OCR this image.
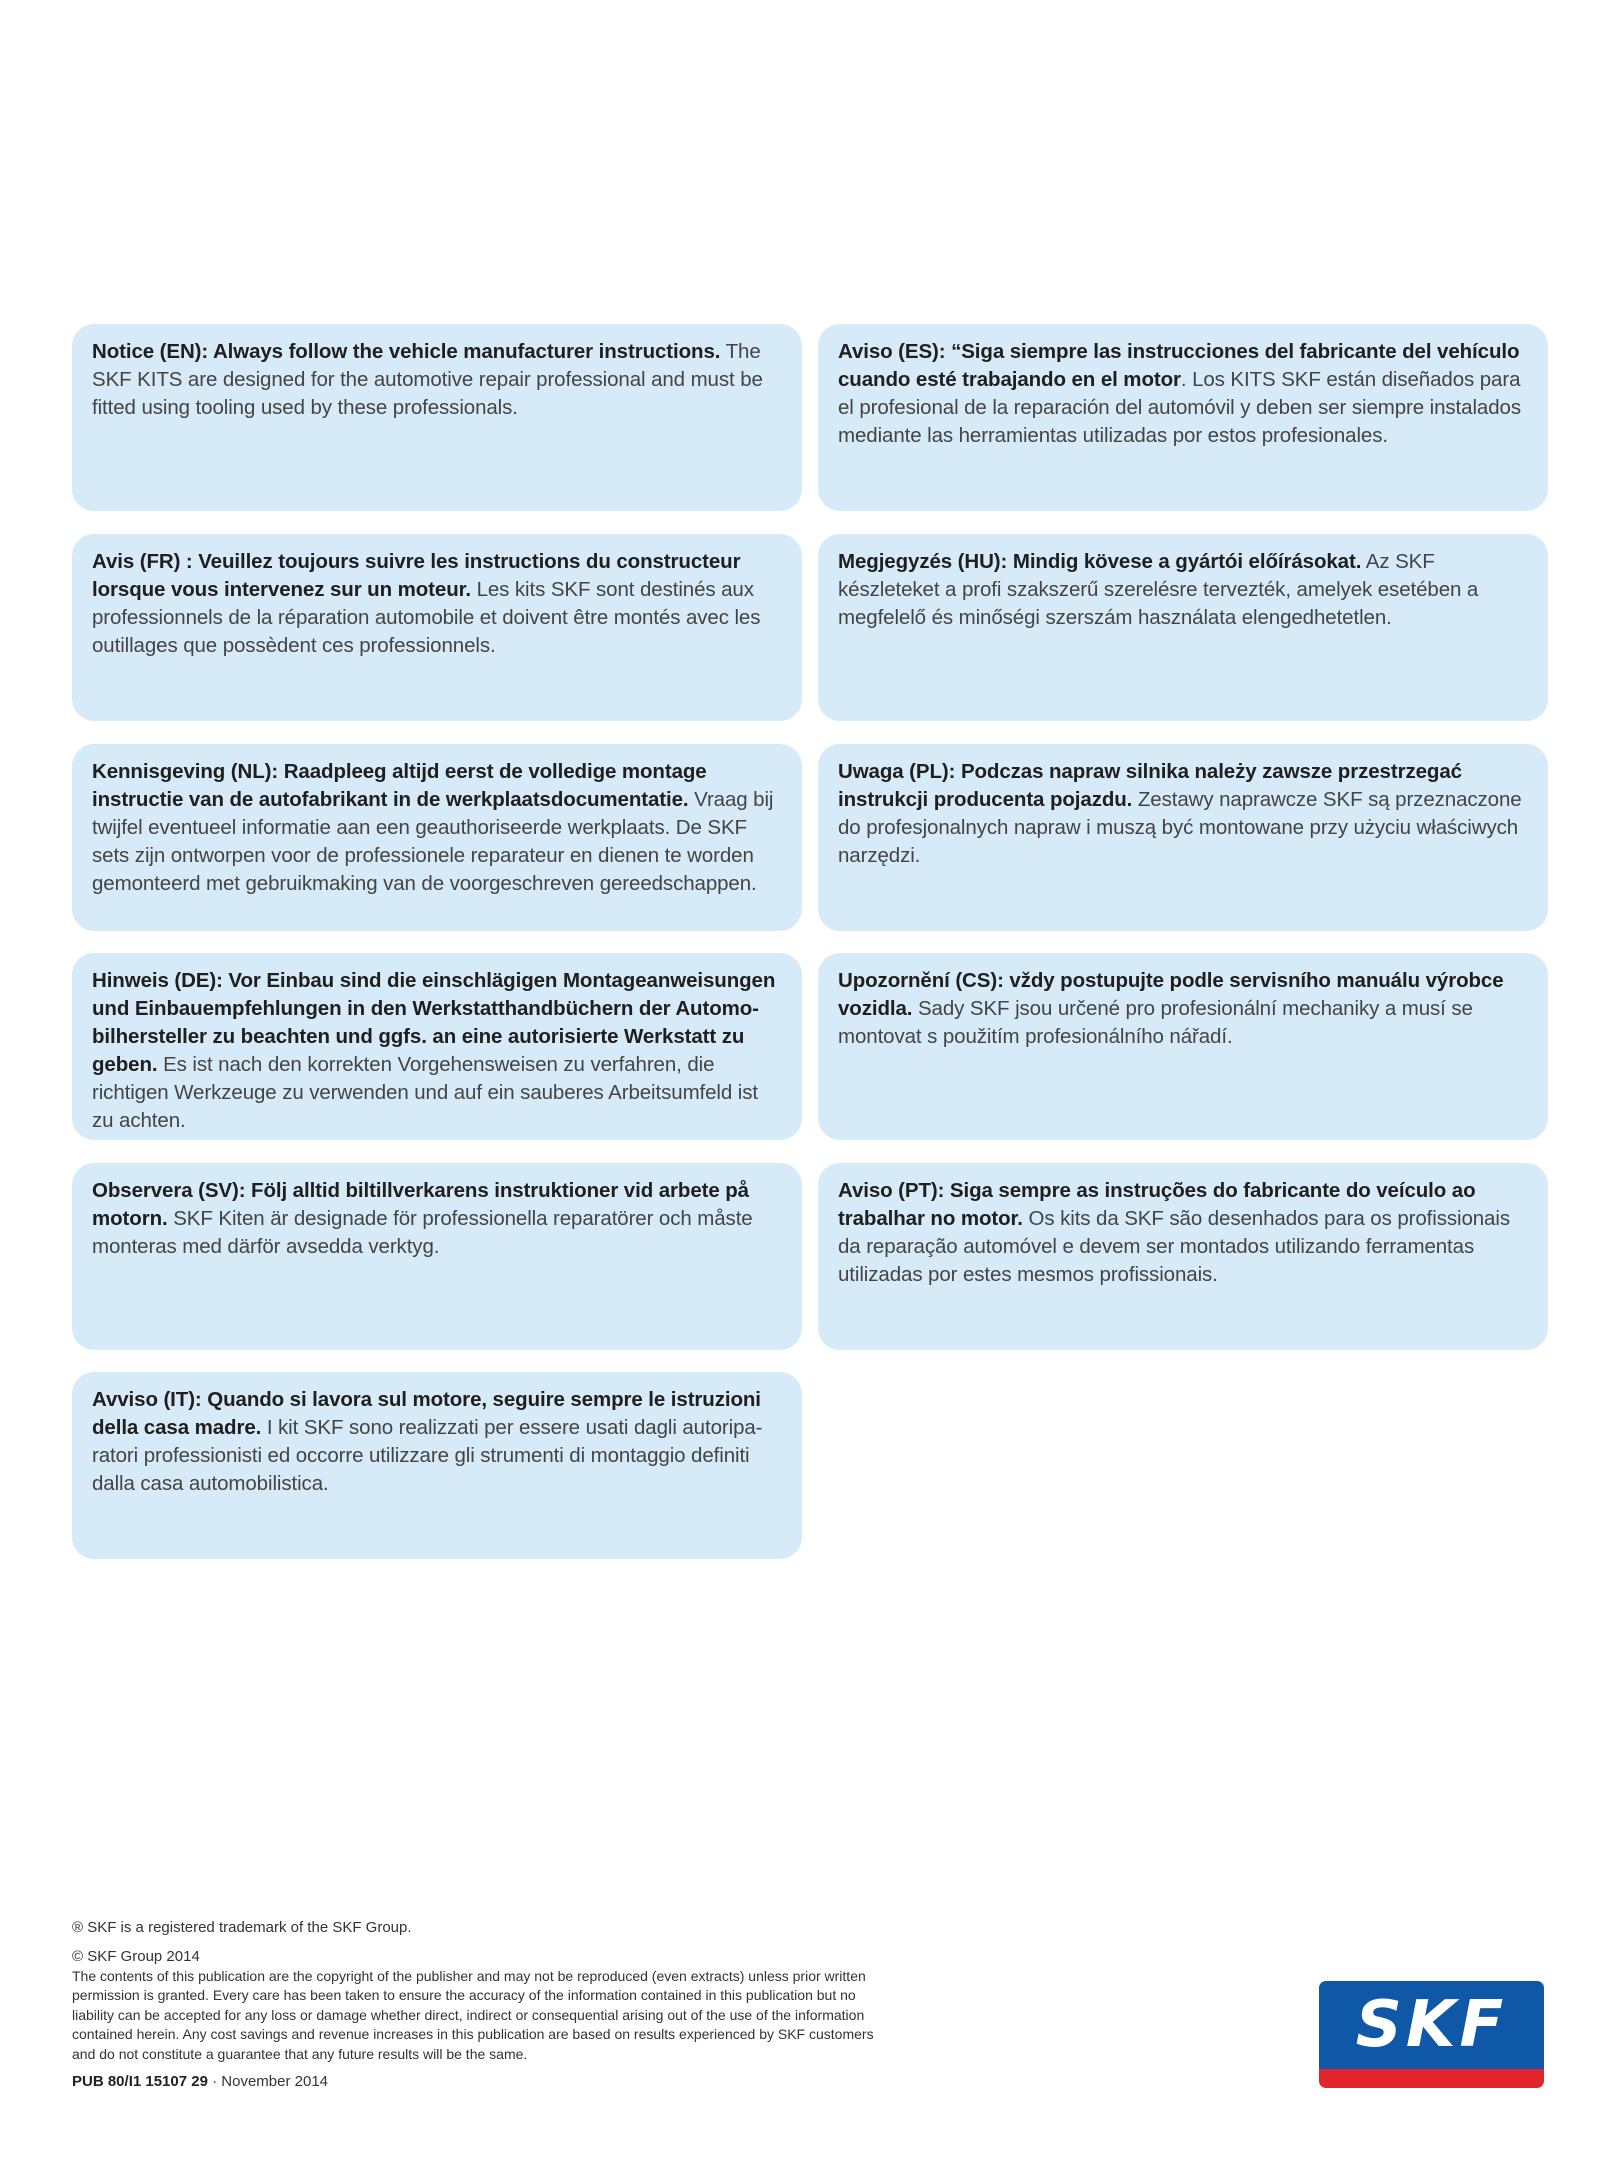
Notice (EN): Always follow the vehicle manufacturer instructions. The SKF KITS are designed for the automotive repair professional and must be fitted using tooling used by these professionals.
Aviso (ES): “Siga siempre las instrucciones del fabricante del vehículo cuando esté trabajando en el motor. Los KITS SKF están diseñados para el profesional de la reparación del automóvil y deben ser siempre instalados mediante las herramientas utilizadas por estos profesionales.
Avis (FR) : Veuillez toujours suivre les instructions du constructeur lorsque vous intervenez sur un moteur. Les kits SKF sont destinés aux professionnels de la réparation automobile et doivent être montés avec les outillages que possèdent ces professionnels.
Megjegyzés (HU): Mindig kövese a gyártói előírásokat. Az SKF készleteket a profi szakszerű szerelésre tervezték, amelyek esetében a megfelelő és minőségi szerszám használata elengedhetetlen.
Kennisgeving (NL): Raadpleeg altijd eerst de volledige montage instructie van de autofabrikant in de werkplaatsdocumentatie. Vraag bij twijfel eventueel informatie aan een geauthoriseerde werkplaats. De SKF sets zijn ontworpen voor de professionele reparateur en dienen te worden gemonteerd met gebruikmaking van de voorgeschreven gereedschappen.
Uwaga (PL): Podczas napraw silnika należy zawsze przestrzegać instrukcji producenta pojazdu. Zestawy naprawcze SKF są przeznaczone do profesjonalnych napraw i muszą być montowane przy użyciu właściwych narzędzi.
Hinweis (DE): Vor Einbau sind die einschlägigen Montageanweisungen und Einbauempfehlungen in den Werkstatthandbüchern der Automo-bilhersteller zu beachten und ggfs. an eine autorisierte Werkstatt zu geben. Es ist nach den korrekten Vorgehensweisen zu verfahren, die richtigen Werkzeuge zu verwenden und auf ein sauberes Arbeitsumfeld ist zu achten.
Upozornění (CS): vždy postupujte podle servisního manuálu výrobce vozidla. Sady SKF jsou určené pro profesionální mechaniky a musí se montovat s použitím profesionálního nářadí.
Observera (SV): Följ alltid biltillverkarens instruktioner vid arbete på motorn. SKF Kiten är designade för professionella reparatörer och måste monteras med därför avsedda verktyg.
Aviso (PT): Siga sempre as instruções do fabricante do veículo ao trabalhar no motor. Os kits da SKF são desenhados para os profissionais da reparação automóvel e devem ser montados utilizando ferramentas utilizadas por estes mesmos profissionais.
Avviso (IT): Quando si lavora sul motore, seguire sempre le istruzioni della casa madre. I kit SKF sono realizzati per essere usati dagli autoripa-ratori professionisti ed occorre utilizzare gli strumenti di montaggio definiti dalla casa automobilistica.
® SKF is a registered trademark of the SKF Group.
© SKF Group 2014
The contents of this publication are the copyright of the publisher and may not be reproduced (even extracts) unless prior written permission is granted. Every care has been taken to ensure the accuracy of the information contained in this publication but no liability can be accepted for any loss or damage whether direct, indirect or consequential arising out of the use of the information contained herein. Any cost savings and revenue increases in this publication are based on results experienced by SKF customers and do not constitute a guarantee that any future results will be the same.
PUB 80/I1 15107 29 · November 2014
SKF
